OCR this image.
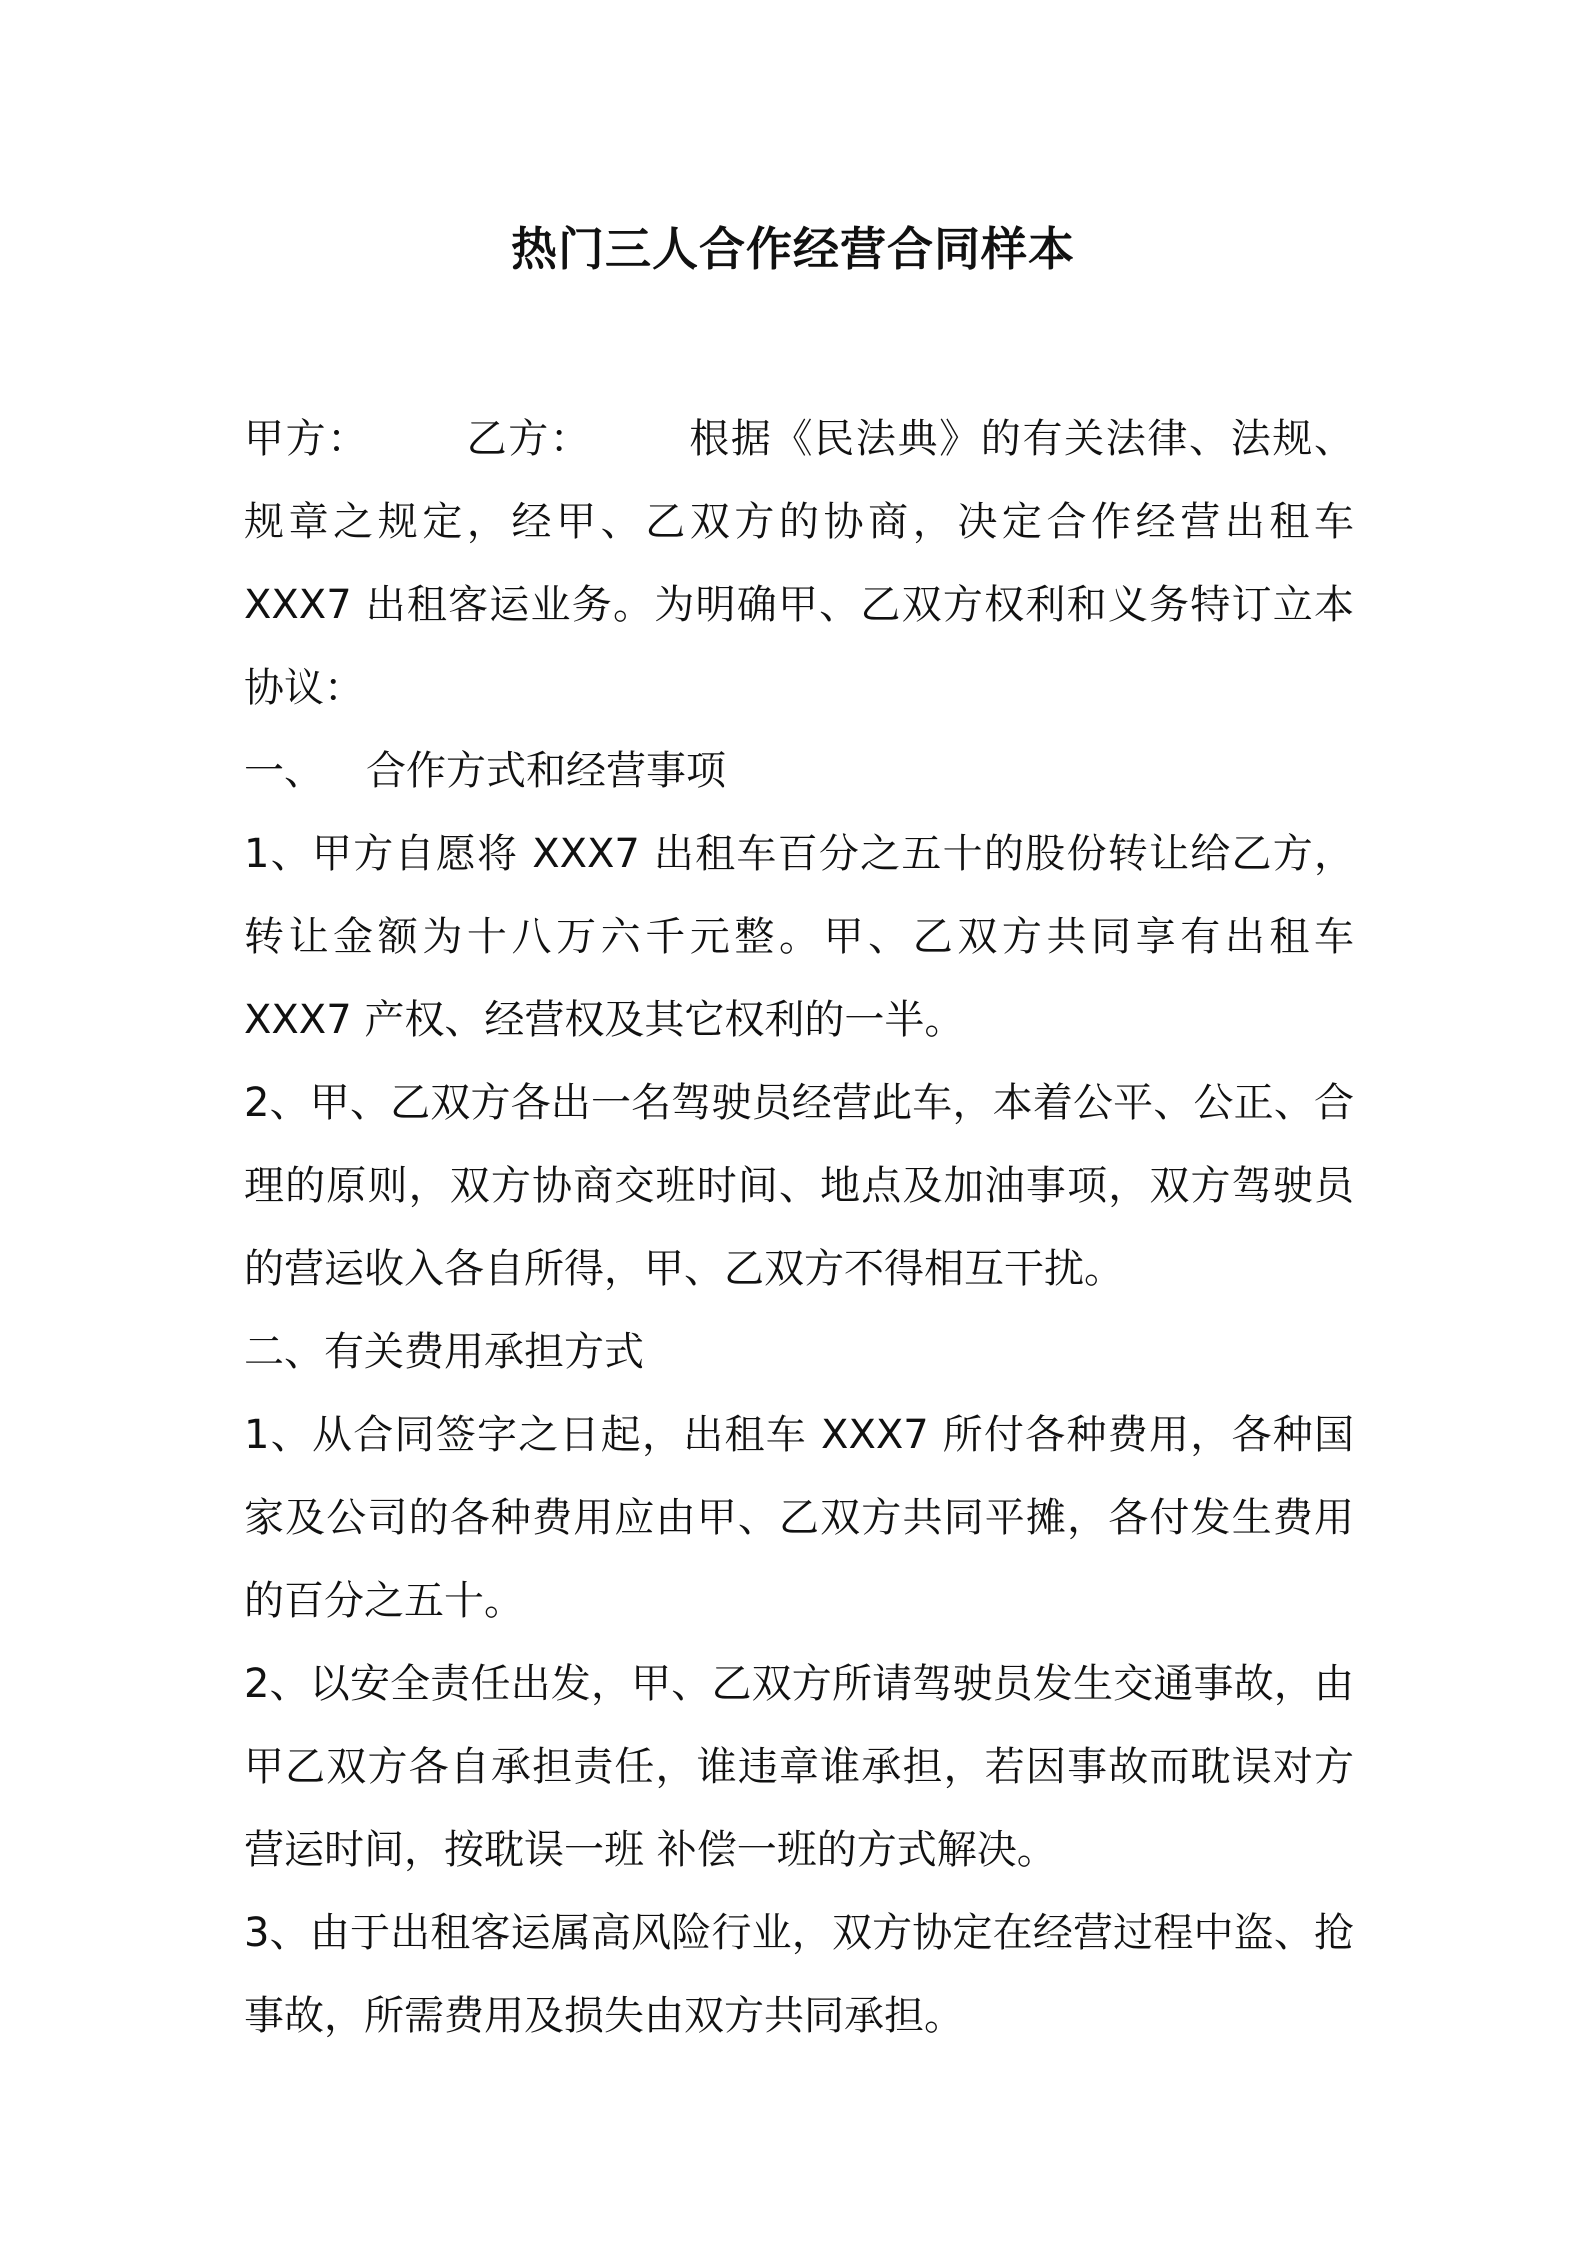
热门三人合作经营合同样本

甲方： 乙方： 根据《民法典》的有关法律、法规、规章之规定，经甲、乙双方的协商，决定合作经营出租车 XXX7 出租客运业务。为明确甲、乙双方权利和义务特订立本协议：

一、 合作方式和经营事项

1、甲方自愿将 XXX7 出租车百分之五十的股份转让给乙方，转让金额为十八万六千元整。甲、乙双方共同享有出租车 XXX7 产权、经营权及其它权利的一半。

2、甲、乙双方各出一名驾驶员经营此车，本着公平、公正、合理的原则，双方协商交班时间、地点及加油事项，双方驾驶员的营运收入各自所得，甲、乙双方不得相互干扰。

二、有关费用承担方式

1、从合同签字之日起，出租车 XXX7 所付各种费用，各种国家及公司的各种费用应由甲、乙双方共同平摊，各付发生费用的百分之五十。

2、以安全责任出发，甲、乙双方所请驾驶员发生交通事故，由甲乙双方各自承担责任，谁违章谁承担，若因事故而耽误对方营运时间，按耽误一班 补偿一班的方式解决。

3、由于出租客运属高风险行业，双方协定在经营过程中盗、抢事故，所需费用及损失由双方共同承担。
